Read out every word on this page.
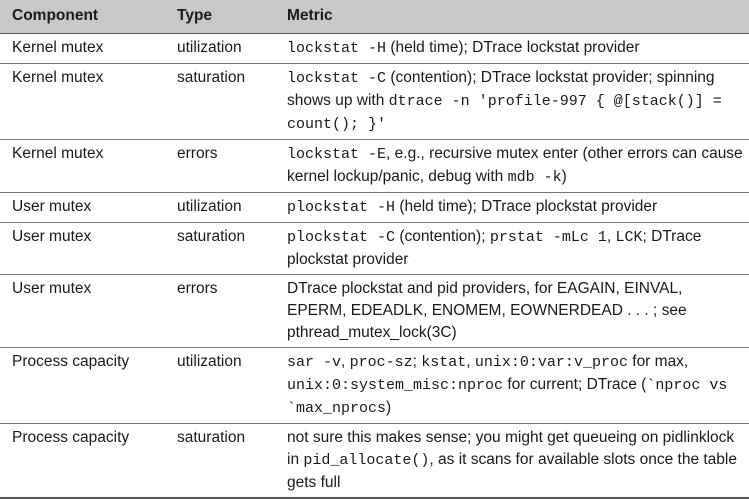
Component	Type	Metric
Kernel mutex	utilization	lockstat -H (held time); DTrace lockstat provider
Kernel mutex	saturation	lockstat -C (contention); DTrace lockstat provider; spinning shows up with dtrace -n 'profile-997 { @[stack()] = count(); }'
Kernel mutex	errors	lockstat -E, e.g., recursive mutex enter (other errors can cause kernel lockup/panic, debug with mdb -k)
User mutex	utilization	plockstat -H (held time); DTrace plockstat provider
User mutex	saturation	plockstat -C (contention); prstat -mLc 1, LCK; DTrace plockstat provider
User mutex	errors	DTrace plockstat and pid providers, for EAGAIN, EINVAL, EPERM, EDEADLK, ENOMEM, EOWNERDEAD . . . ; see pthread_mutex_lock(3C)
Process capacity	utilization	sar -v, proc-sz; kstat, unix:0:var:v_proc for max, unix:0:system_misc:nproc for current; DTrace (`nproc vs `max_nprocs)
Process capacity	saturation	not sure this makes sense; you might get queueing on pidlinklock in pid_allocate(), as it scans for available slots once the table gets full
